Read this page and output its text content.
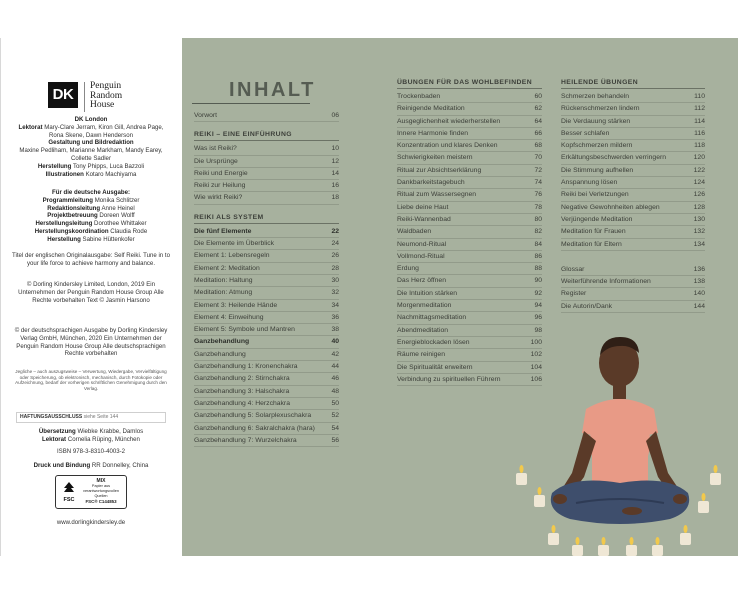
DK	Penguin
Random
House
DK London
Lektorat Mary-Clare Jerram, Kiron Gill, Andrea Page, Rona Skene, Dawn Henderson
Gestaltung und Bildredaktion
Maxine Pedliham, Marianne Markham, Mandy Earey, Collette Sadler
Herstellung Tony Phipps, Luca Bazzoli
Illustrationen Kotaro Machiyama
Für die deutsche Ausgabe:
Programmleitung Monika Schlitzer
Redaktionsleitung Anne Heinel
Projektbetreuung Doreen Wolff
Herstellungsleitung Dorothee Whittaker
Herstellungskoordination Claudia Rode
Herstellung Sabine Hüttenkofer
Titel der englischen Originalausgabe: Self Reiki. Tune in to your life force to achieve harmony and balance.
© Dorling Kindersley Limited, London, 2019 Ein Unternehmen der Penguin Random House Group Alle Rechte vorbehalten Text © Jasmin Harsono
© der deutschsprachigen Ausgabe by Dorling Kindersley Verlag GmbH, München, 2020 Ein Unternehmen der Penguin Random House Group Alle deutschsprachigen Rechte vorbehalten
Jegliche – auch auszugsweise – Verwertung, Wiedergabe, Vervielfältigung oder Speicherung, ob elektronisch, mechanisch, durch Fotokopie oder Aufzeichnung, bedarf der vorherigen schriftlichen Genehmigung durch den Verlag.
HAFTUNGSAUSSCHLUSS siehe Seite 144
Übersetzung Wiebke Krabbe, Damlos
Lektorat Cornelia Rüping, München
ISBN 978-3-8310-4003-2
Druck und Bindung RR Donnelley, China
FSC
MIX
Papier aus verantwortungsvollen Quellen
FSC® C144853
www.dorlingkindersley.de
INHALT
Vorwort	06
REIKI – EINE EINFÜHRUNG
Was ist Reiki?	10
Die Ursprünge	12
Reiki und Energie	14
Reiki zur Heilung	16
Wie wirkt Reiki?	18
REIKI ALS SYSTEM
Die fünf Elemente	22
Die Elemente im Überblick	24
Element 1: Lebensregeln	26
Element 2: Meditation	28
Meditation: Haltung	30
Meditation: Atmung	32
Element 3: Heilende Hände	34
Element 4: Einweihung	36
Element 5: Symbole und Mantren	38
Ganzbehandlung	40
Ganzbehandlung	42
Ganzbehandlung 1: Kronenchakra	44
Ganzbehandlung 2: Stirnchakra	46
Ganzbehandlung 3: Halschakra	48
Ganzbehandlung 4: Herzchakra	50
Ganzbehandlung 5: Solarplexuschakra	52
Ganzbehandlung 6: Sakralchakra (hara)	54
Ganzbehandlung 7: Wurzelchakra	56
ÜBUNGEN FÜR DAS WOHLBEFINDEN
Trockenbaden	60
Reinigende Meditation	62
Ausgeglichenheit wiederherstellen	64
Innere Harmonie finden	66
Konzentration und klares Denken	68
Schwierigkeiten meistern	70
Ritual zur Absichtserklärung	72
Dankbarkeitstagebuch	74
Ritual zum Wassersegnen	76
Liebe deine Haut	78
Reiki-Wannenbad	80
Waldbaden	82
Neumond-Ritual	84
Vollmond-Ritual	86
Erdung	88
Das Herz öffnen	90
Die Intuition stärken	92
Morgenmeditation	94
Nachmittagsmeditation	96
Abendmeditation	98
Energieblockaden lösen	100
Räume reinigen	102
Die Spiritualität erweitern	104
Verbindung zu spirituellen Führern	106
HEILENDE ÜBUNGEN
Schmerzen behandeln	110
Rückenschmerzen lindern	112
Die Verdauung stärken	114
Besser schlafen	116
Kopfschmerzen mildern	118
Erkältungsbeschwerden verringern	120
Die Stimmung aufhellen	122
Anspannung lösen	124
Reiki bei Verletzungen	126
Negative Gewohnheiten ablegen	128
Verjüngende Meditation	130
Meditation für Frauen	132
Meditation für Eltern	134
Glossar	136
Weiterführende Informationen	138
Register	140
Die Autorin/Dank	144
